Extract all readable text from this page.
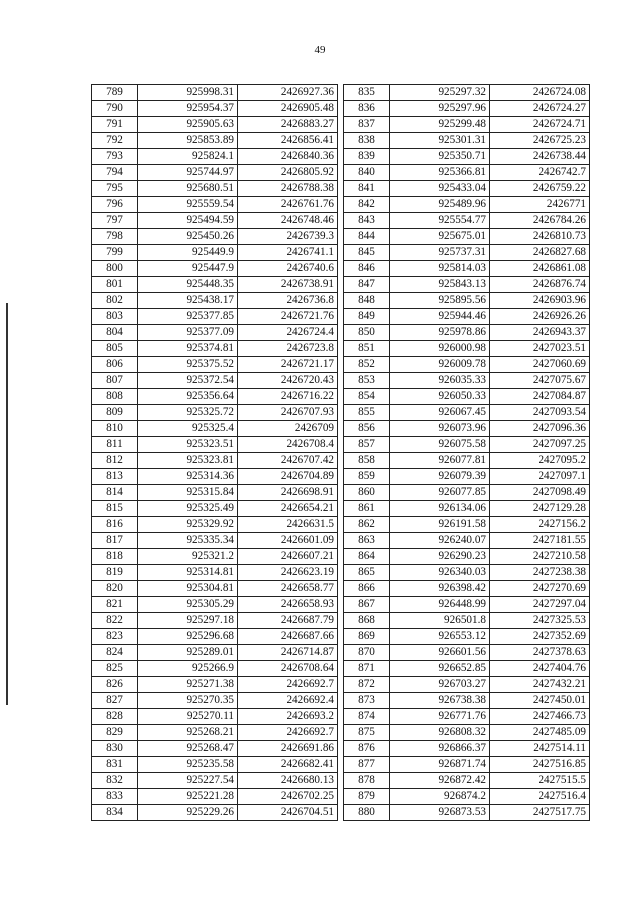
49
789	925998.31	2426927.36
790	925954.37	2426905.48
791	925905.63	2426883.27
792	925853.89	2426856.41
793	925824.1	2426840.36
794	925744.97	2426805.92
795	925680.51	2426788.38
796	925559.54	2426761.76
797	925494.59	2426748.46
798	925450.26	2426739.3
799	925449.9	2426741.1
800	925447.9	2426740.6
801	925448.35	2426738.91
802	925438.17	2426736.8
803	925377.85	2426721.76
804	925377.09	2426724.4
805	925374.81	2426723.8
806	925375.52	2426721.17
807	925372.54	2426720.43
808	925356.64	2426716.22
809	925325.72	2426707.93
810	925325.4	2426709
811	925323.51	2426708.4
812	925323.81	2426707.42
813	925314.36	2426704.89
814	925315.84	2426698.91
815	925325.49	2426654.21
816	925329.92	2426631.5
817	925335.34	2426601.09
818	925321.2	2426607.21
819	925314.81	2426623.19
820	925304.81	2426658.77
821	925305.29	2426658.93
822	925297.18	2426687.79
823	925296.68	2426687.66
824	925289.01	2426714.87
825	925266.9	2426708.64
826	925271.38	2426692.7
827	925270.35	2426692.4
828	925270.11	2426693.2
829	925268.21	2426692.7
830	925268.47	2426691.86
831	925235.58	2426682.41
832	925227.54	2426680.13
833	925221.28	2426702.25
834	925229.26	2426704.51
835	925297.32	2426724.08
836	925297.96	2426724.27
837	925299.48	2426724.71
838	925301.31	2426725.23
839	925350.71	2426738.44
840	925366.81	2426742.7
841	925433.04	2426759.22
842	925489.96	2426771
843	925554.77	2426784.26
844	925675.01	2426810.73
845	925737.31	2426827.68
846	925814.03	2426861.08
847	925843.13	2426876.74
848	925895.56	2426903.96
849	925944.46	2426926.26
850	925978.86	2426943.37
851	926000.98	2427023.51
852	926009.78	2427060.69
853	926035.33	2427075.67
854	926050.33	2427084.87
855	926067.45	2427093.54
856	926073.96	2427096.36
857	926075.58	2427097.25
858	926077.81	2427095.2
859	926079.39	2427097.1
860	926077.85	2427098.49
861	926134.06	2427129.28
862	926191.58	2427156.2
863	926240.07	2427181.55
864	926290.23	2427210.58
865	926340.03	2427238.38
866	926398.42	2427270.69
867	926448.99	2427297.04
868	926501.8	2427325.53
869	926553.12	2427352.69
870	926601.56	2427378.63
871	926652.85	2427404.76
872	926703.27	2427432.21
873	926738.38	2427450.01
874	926771.76	2427466.73
875	926808.32	2427485.09
876	926866.37	2427514.11
877	926871.74	2427516.85
878	926872.42	2427515.5
879	926874.2	2427516.4
880	926873.53	2427517.75
